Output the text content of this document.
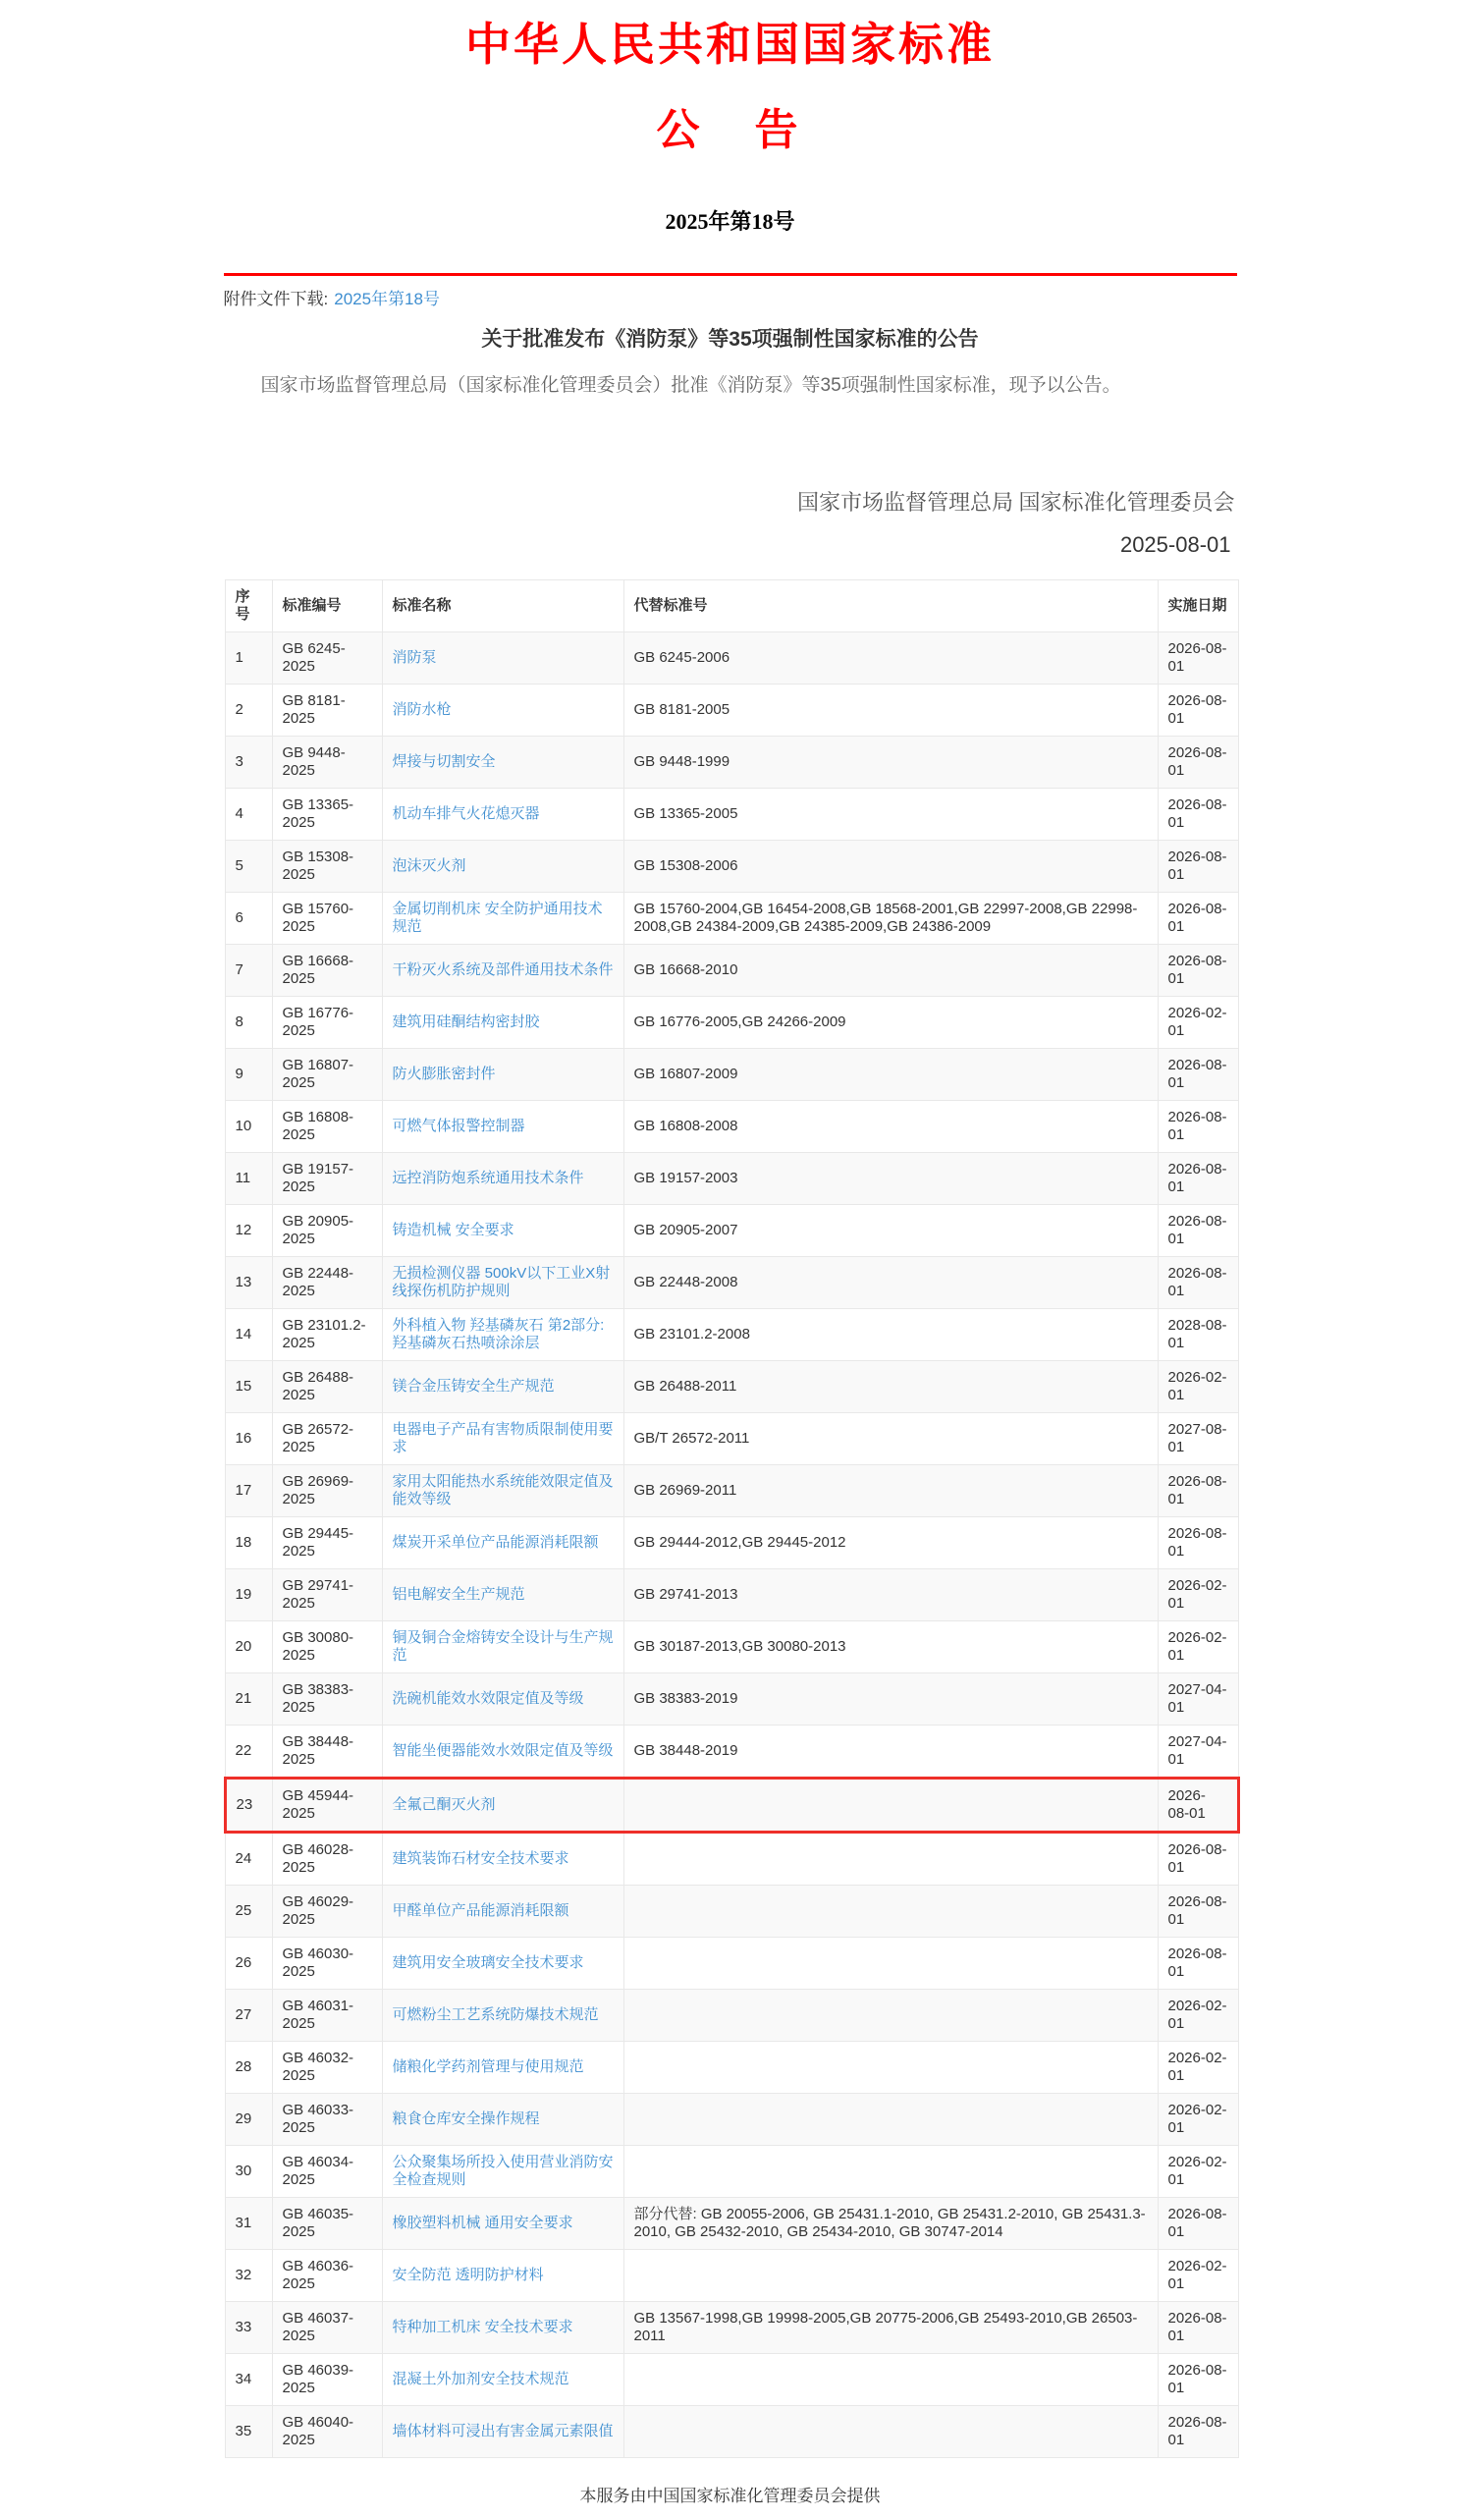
中华人民共和国国家标准
公　告
2025年第18号
附件文件下载: 2025年第18号
关于批准发布《消防泵》等35项强制性国家标准的公告

国家市场监督管理总局（国家标准化管理委员会）批准《消防泵》等35项强制性国家标准，现予以公告。

国家市场监督管理总局 国家标准化管理委员会
2025-08-01
序号	标准编号	标准名称	代替标准号	实施日期
1	GB 6245-2025	消防泵	GB 6245-2006	2026-08-01
2	GB 8181-2025	消防水枪	GB 8181-2005	2026-08-01
3	GB 9448-2025	焊接与切割安全	GB 9448-1999	2026-08-01
4	GB 13365-2025	机动车排气火花熄灭器	GB 13365-2005	2026-08-01
5	GB 15308-2025	泡沫灭火剂	GB 15308-2006	2026-08-01
6	GB 15760-2025	金属切削机床 安全防护通用技术规范	GB 15760-2004,GB 16454-2008,GB 18568-2001,GB 22997-2008,GB 22998-2008,GB 24384-2009,GB 24385-2009,GB 24386-2009	2026-08-01
7	GB 16668-2025	干粉灭火系统及部件通用技术条件	GB 16668-2010	2026-08-01
8	GB 16776-2025	建筑用硅酮结构密封胶	GB 16776-2005,GB 24266-2009	2026-02-01
9	GB 16807-2025	防火膨胀密封件	GB 16807-2009	2026-08-01
10	GB 16808-2025	可燃气体报警控制器	GB 16808-2008	2026-08-01
11	GB 19157-2025	远控消防炮系统通用技术条件	GB 19157-2003	2026-08-01
12	GB 20905-2025	铸造机械 安全要求	GB 20905-2007	2026-08-01
13	GB 22448-2025	无损检测仪器 500kV以下工业X射线探伤机防护规则	GB 22448-2008	2026-08-01
14	GB 23101.2-2025	外科植入物 羟基磷灰石 第2部分: 羟基磷灰石热喷涂涂层	GB 23101.2-2008	2028-08-01
15	GB 26488-2025	镁合金压铸安全生产规范	GB 26488-2011	2026-02-01
16	GB 26572-2025	电器电子产品有害物质限制使用要求	GB/T 26572-2011	2027-08-01
17	GB 26969-2025	家用太阳能热水系统能效限定值及能效等级	GB 26969-2011	2026-08-01
18	GB 29445-2025	煤炭开采单位产品能源消耗限额	GB 29444-2012,GB 29445-2012	2026-08-01
19	GB 29741-2025	铝电解安全生产规范	GB 29741-2013	2026-02-01
20	GB 30080-2025	铜及铜合金熔铸安全设计与生产规范	GB 30187-2013,GB 30080-2013	2026-02-01
21	GB 38383-2025	洗碗机能效水效限定值及等级	GB 38383-2019	2027-04-01
22	GB 38448-2025	智能坐便器能效水效限定值及等级	GB 38448-2019	2027-04-01
23	GB 45944-2025	全氟己酮灭火剂		2026-08-01
24	GB 46028-2025	建筑装饰石材安全技术要求		2026-08-01
25	GB 46029-2025	甲醛单位产品能源消耗限额		2026-08-01
26	GB 46030-2025	建筑用安全玻璃安全技术要求		2026-08-01
27	GB 46031-2025	可燃粉尘工艺系统防爆技术规范		2026-02-01
28	GB 46032-2025	储粮化学药剂管理与使用规范		2026-02-01
29	GB 46033-2025	粮食仓库安全操作规程		2026-02-01
30	GB 46034-2025	公众聚集场所投入使用营业消防安全检查规则		2026-02-01
31	GB 46035-2025	橡胶塑料机械 通用安全要求	部分代替: GB 20055-2006, GB 25431.1-2010, GB 25431.2-2010, GB 25431.3-2010, GB 25432-2010, GB 25434-2010, GB 30747-2014	2026-08-01
32	GB 46036-2025	安全防范 透明防护材料		2026-02-01
33	GB 46037-2025	特种加工机床 安全技术要求	GB 13567-1998,GB 19998-2005,GB 20775-2006,GB 25493-2010,GB 26503-2011	2026-08-01
34	GB 46039-2025	混凝土外加剂安全技术规范		2026-08-01
35	GB 46040-2025	墙体材料可浸出有害金属元素限值		2026-08-01
本服务由中国国家标准化管理委员会提供
